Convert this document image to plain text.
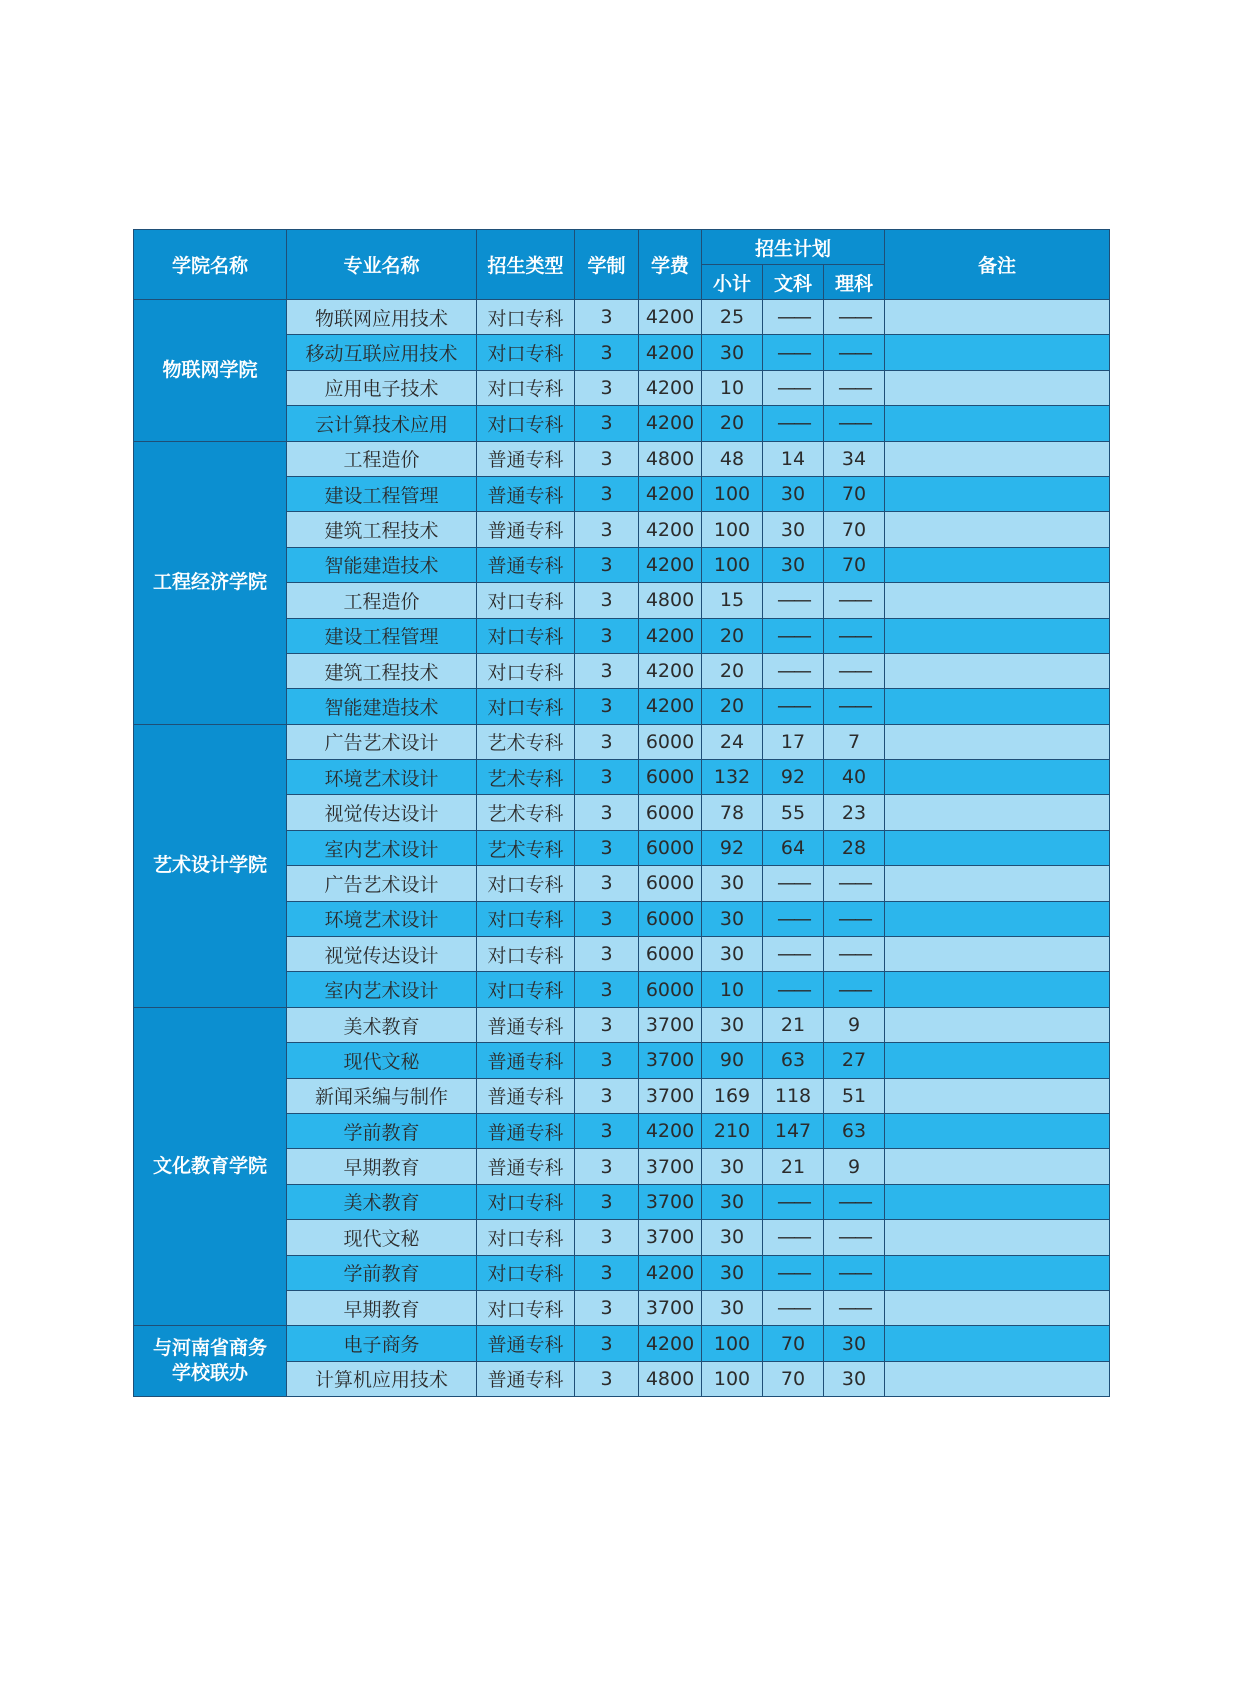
学院名称	专业名称	招生类型	学制	学费	招生计划			备注
					小计	文科	理科	
物联网学院	物联网应用技术	对口专科	3	4200	25	——	——	
	移动互联应用技术	对口专科	3	4200	30	——	——	
	应用电子技术	对口专科	3	4200	10	——	——	
	云计算技术应用	对口专科	3	4200	20	——	——	
工程经济学院	工程造价	普通专科	3	4800	48	14	34	
	建设工程管理	普通专科	3	4200	100	30	70	
	建筑工程技术	普通专科	3	4200	100	30	70	
	智能建造技术	普通专科	3	4200	100	30	70	
	工程造价	对口专科	3	4800	15	——	——	
	建设工程管理	对口专科	3	4200	20	——	——	
	建筑工程技术	对口专科	3	4200	20	——	——	
	智能建造技术	对口专科	3	4200	20	——	——	
艺术设计学院	广告艺术设计	艺术专科	3	6000	24	17	7	
	环境艺术设计	艺术专科	3	6000	132	92	40	
	视觉传达设计	艺术专科	3	6000	78	55	23	
	室内艺术设计	艺术专科	3	6000	92	64	28	
	广告艺术设计	对口专科	3	6000	30	——	——	
	环境艺术设计	对口专科	3	6000	30	——	——	
	视觉传达设计	对口专科	3	6000	30	——	——	
	室内艺术设计	对口专科	3	6000	10	——	——	
文化教育学院	美术教育	普通专科	3	3700	30	21	9	
	现代文秘	普通专科	3	3700	90	63	27	
	新闻采编与制作	普通专科	3	3700	169	118	51	
	学前教育	普通专科	3	4200	210	147	63	
	早期教育	普通专科	3	3700	30	21	9	
	美术教育	对口专科	3	3700	30	——	——	
	现代文秘	对口专科	3	3700	30	——	——	
	学前教育	对口专科	3	4200	30	——	——	
	早期教育	对口专科	3	3700	30	——	——	
与河南省商务学校联办	电子商务	普通专科	3	4200	100	70	30	
	计算机应用技术	普通专科	3	4800	100	70	30	
